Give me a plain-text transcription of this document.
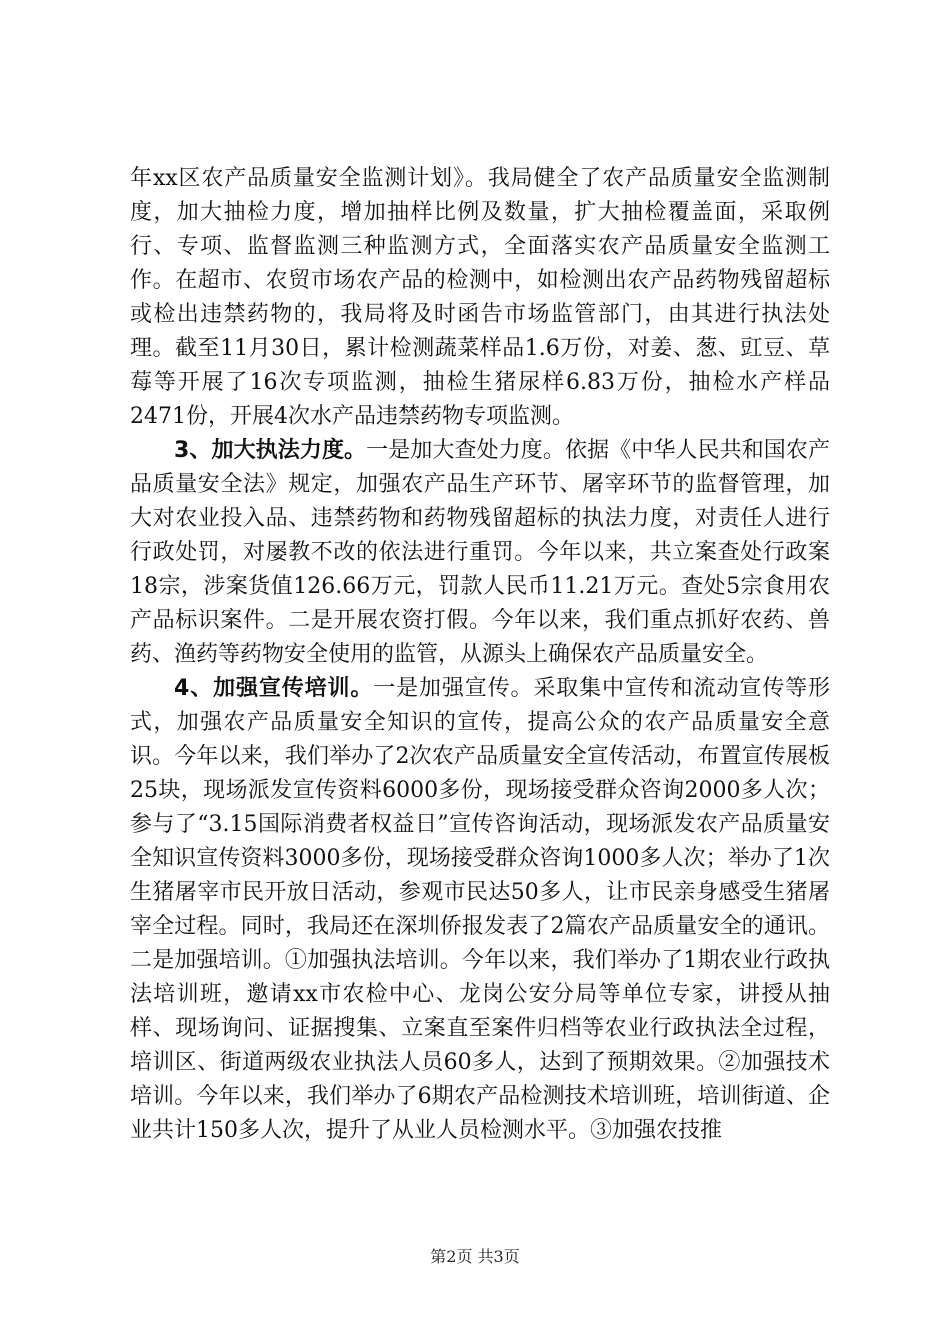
年xx区农产品质量安全监测计划》。我局健全了农产品质量安全监测制度，加大抽检力度，增加抽样比例及数量，扩大抽检覆盖面，采取例行、专项、监督监测三种监测方式，全面落实农产品质量安全监测工作。在超市、农贸市场农产品的检测中，如检测出农产品药物残留超标或检出违禁药物的，我局将及时函告市场监管部门，由其进行执法处理。截至11月30日，累计检测蔬菜样品1.6万份，对姜、葱、豇豆、草莓等开展了16次专项监测，抽检生猪尿样6.83万份，抽检水产样品2471份，开展4次水产品违禁药物专项监测。

3、加大执法力度。一是加大查处力度。依据《中华人民共和国农产品质量安全法》规定，加强农产品生产环节、屠宰环节的监督管理，加大对农业投入品、违禁药物和药物残留超标的执法力度，对责任人进行行政处罚，对屡教不改的依法进行重罚。今年以来，共立案查处行政案18宗，涉案货值126.66万元，罚款人民币11.21万元。查处5宗食用农产品标识案件。二是开展农资打假。今年以来，我们重点抓好农药、兽药、渔药等药物安全使用的监管，从源头上确保农产品质量安全。

4、加强宣传培训。一是加强宣传。采取集中宣传和流动宣传等形式，加强农产品质量安全知识的宣传，提高公众的农产品质量安全意识。今年以来，我们举办了2次农产品质量安全宣传活动，布置宣传展板25块，现场派发宣传资料6000多份，现场接受群众咨询2000多人次；参与了“3.15国际消费者权益日”宣传咨询活动，现场派发农产品质量安全知识宣传资料3000多份，现场接受群众咨询1000多人次；举办了1次生猪屠宰市民开放日活动，参观市民达50多人，让市民亲身感受生猪屠宰全过程。同时，我局还在深圳侨报发表了2篇农产品质量安全的通讯。二是加强培训。①加强执法培训。今年以来，我们举办了1期农业行政执法培训班，邀请xx市农检中心、龙岗公安分局等单位专家，讲授从抽样、现场询问、证据搜集、立案直至案件归档等农业行政执法全过程，培训区、街道两级农业执法人员60多人，达到了预期效果。②加强技术培训。今年以来，我们举办了6期农产品检测技术培训班，培训街道、企业共计150多人次，提升了从业人员检测水平。③加强农技推

第2页 共3页
